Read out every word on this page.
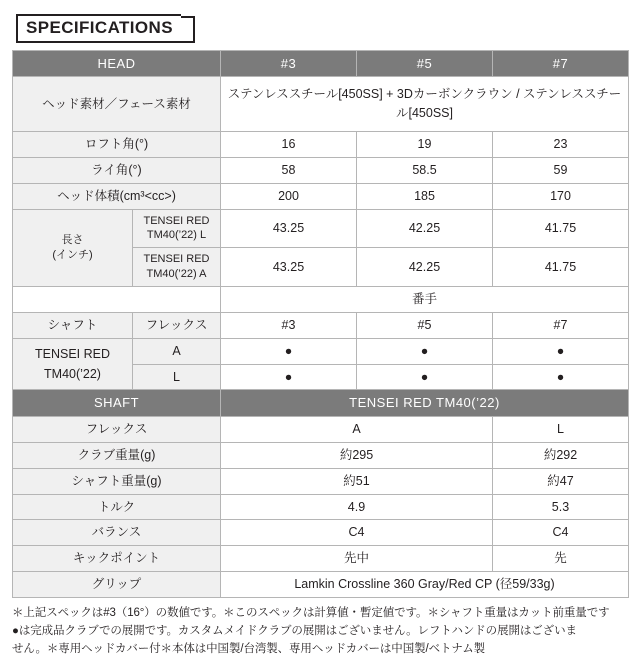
SPECIFICATIONS
HEAD		#3	#5	#7
ヘッド素材／フェース素材		ステンレススチール[450SS] + 3Dカーボンクラウン / ステンレススチール[450SS]		
ロフト角(°)		16	19	23
ライ角(°)		58	58.5	59
ヘッド体積(cm³<cc>)		200	185	170

長さ
(インチ)	TENSEI RED TM40(’22) L	43.25	42.25	41.75
	TENSEI RED TM40(’22) A	43.25	42.25	41.75
		番手		
シャフト	フレックス	#3	#5	#7
TENSEI RED TM40(’22)	A	●	●	●
	L	●	●	●
SHAFT		TENSEI RED TM40(’22)		
フレックス		A		L
クラブ重量(g)		約295		約292
シャフト重量(g)		約51		約47
トルク		4.9		5.3
バランス		C4		C4
キックポイント		先中		先
グリップ		Lamkin Crossline 360 Gray/Red CP (径59/33g)		
＊上記スペックは#3（16°）の数値です。＊このスペックは計算値・暫定値です。＊シャフト重量はカット前重量です
●は完成品クラブでの展開です。カスタムメイドクラブの展開はございません。レフトハンドの展開はございま
せん。＊専用ヘッドカバー付＊本体は中国製/台湾製、専用ヘッドカバーは中国製/ベトナム製
